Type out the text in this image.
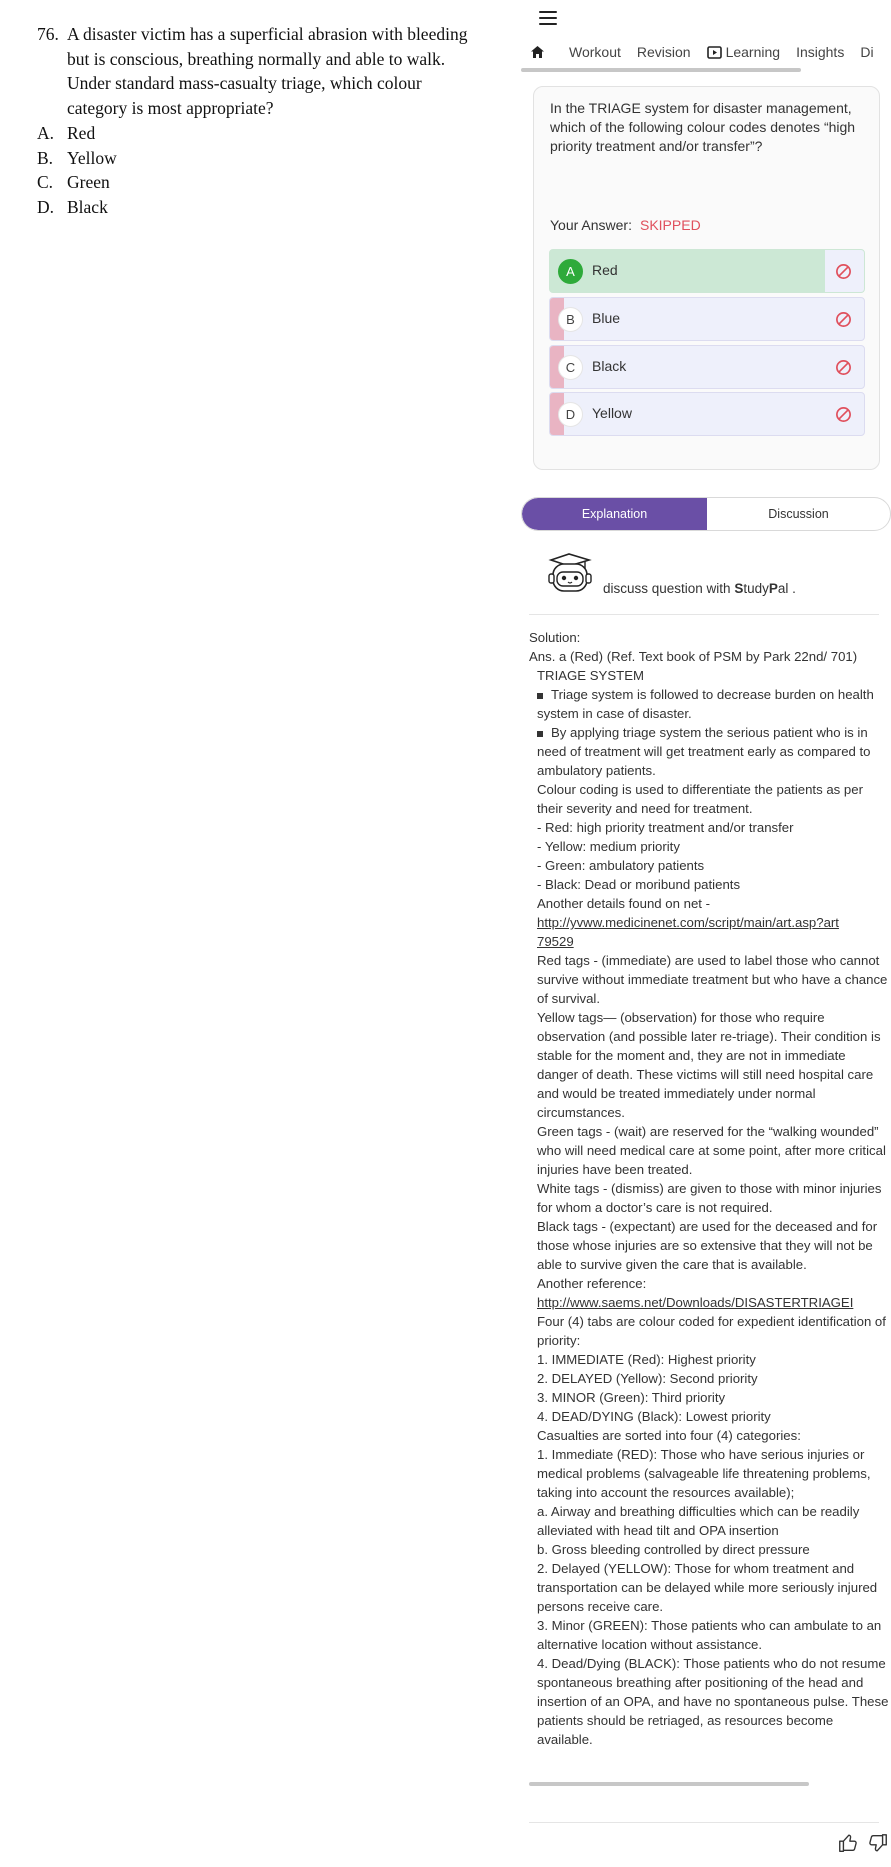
76. A disaster victim has a superficial abrasion with bleeding but is conscious, breathing normally and able to walk. Under standard mass-casualty triage, which colour category is most appropriate?
A. Red
B. Yellow
C. Green
D. Black
Workout Revision	Learning Insights Di
In the TRIAGE system for disaster management, which of the following colour codes denotes “high priority treatment and/or transfer”?
Your Answer: SKIPPED
A	Red
B	Blue
C	Black
D	Yellow
Explanation	Discussion
discuss question with StudyPal .
Solution:
Ans. a (Red) (Ref. Text book of PSM by Park 22nd/ 701)
TRIAGE SYSTEM
Triage system is followed to decrease burden on health system in case of disaster.
By applying triage system the serious patient who is in need of treatment will get treatment early as compared to ambulatory patients.
Colour coding is used to differentiate the patients as per their severity and need for treatment.
- Red: high priority treatment and/or transfer
- Yellow: medium priority
- Green: ambulatory patients
- Black: Dead or moribund patients
Another details found on net -
http://yvww.medicinenet.com/script/main/art.asp?art
79529
Red tags - (immediate) are used to label those who cannot survive without immediate treatment but who have a chance of survival.
Yellow tags— (observation) for those who require observation (and possible later re-triage). Their condition is stable for the moment and, they are not in immediate danger of death. These victims will still need hospital care and would be treated immediately under normal circumstances.
Green tags - (wait) are reserved for the “walking wounded” who will need medical care at some point, after more critical injuries have been treated.
White tags - (dismiss) are given to those with minor injuries for whom a doctor’s care is not required.
Black tags - (expectant) are used for the deceased and for those whose injuries are so extensive that they will not be able to survive given the care that is available.
Another reference:
http://www.saems.net/Downloads/DISASTERTRIAGEI
Four (4) tabs are colour coded for expedient identification of priority:
1. IMMEDIATE (Red): Highest priority
2. DELAYED (Yellow): Second priority
3. MINOR (Green): Third priority
4. DEAD/DYING (Black): Lowest priority
Casualties are sorted into four (4) categories:
1. Immediate (RED): Those who have serious injuries or medical problems (salvageable life threatening problems, taking into account the resources available);
a. Airway and breathing difficulties which can be readily alleviated with head tilt and OPA insertion
b. Gross bleeding controlled by direct pressure
2. Delayed (YELLOW): Those for whom treatment and transportation can be delayed while more seriously injured persons receive care.
3. Minor (GREEN): Those patients who can ambulate to an alternative location without assistance.
4. Dead/Dying (BLACK): Those patients who do not resume spontaneous breathing after positioning of the head and insertion of an OPA, and have no spontaneous pulse. These patients should be retriaged, as resources become available.
